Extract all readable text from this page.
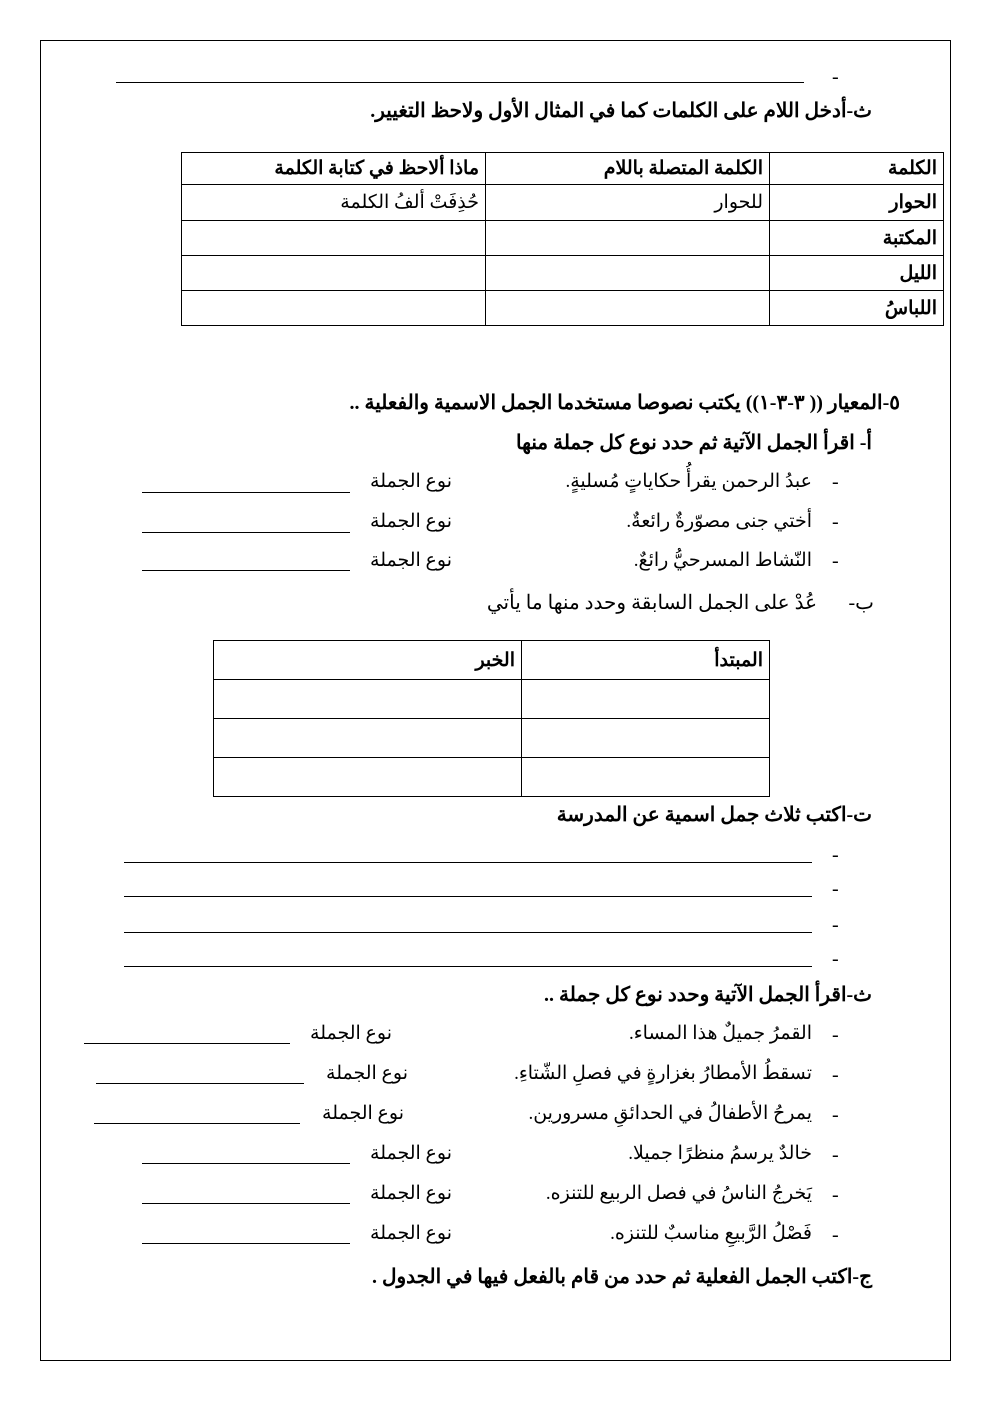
-
ث-أدخل اللام على الكلمات كما في المثال الأول ولاحظ التغيير.
الكلمة	الكلمة المتصلة باللام	ماذا ألاحظ في كتابة الكلمة
الحوار	للحوار	حُذِفَتْ ألفُ الكلمة
المكتبة		
الليل		
اللباسُ		
٥-المعيار (( ٣-٣-١)) يكتب نصوصا مستخدما الجمل الاسمية والفعلية ..
أ- اقرأ الجمل الآتية ثم حدد نوع كل جملة منها
-
عبدُ الرحمن يقرأُ حكاياتٍ مُسليةٍ.
نوع الجملة
-
أختي جنى مصوّرةٌ رائعةٌ.
نوع الجملة
-
النّشاط المسرحيُّ رائعٌ.
نوع الجملة
ب-
عُدْ على الجمل السابقة وحدد منها ما يأتي
المبتدأ	الخبر

ت-اكتب ثلاث جمل اسمية عن المدرسة
-
-
-
-
ث-اقرأ الجمل الآتية وحدد نوع كل جملة ..
-
القمرُ جميلٌ هذا المساء.
نوع الجملة
-
تسقطُ الأمطارُ بغزارةٍ في فصلِ الشّتاءِ.
نوع الجملة
-
يمرحُ الأطفالُ في الحدائقِ مسرورين.
نوع الجملة
-
خالدٌ يرسمُ منظرًا جميلا.
نوع الجملة
-
يَخرجُ الناسُ في فصل الربيع للتنزه.
نوع الجملة
-
فَصْلُ الرَّبيعِ مناسبٌ للتنزه.
نوع الجملة
ج-اكتب الجمل الفعلية ثم حدد من قام بالفعل فيها في الجدول .
